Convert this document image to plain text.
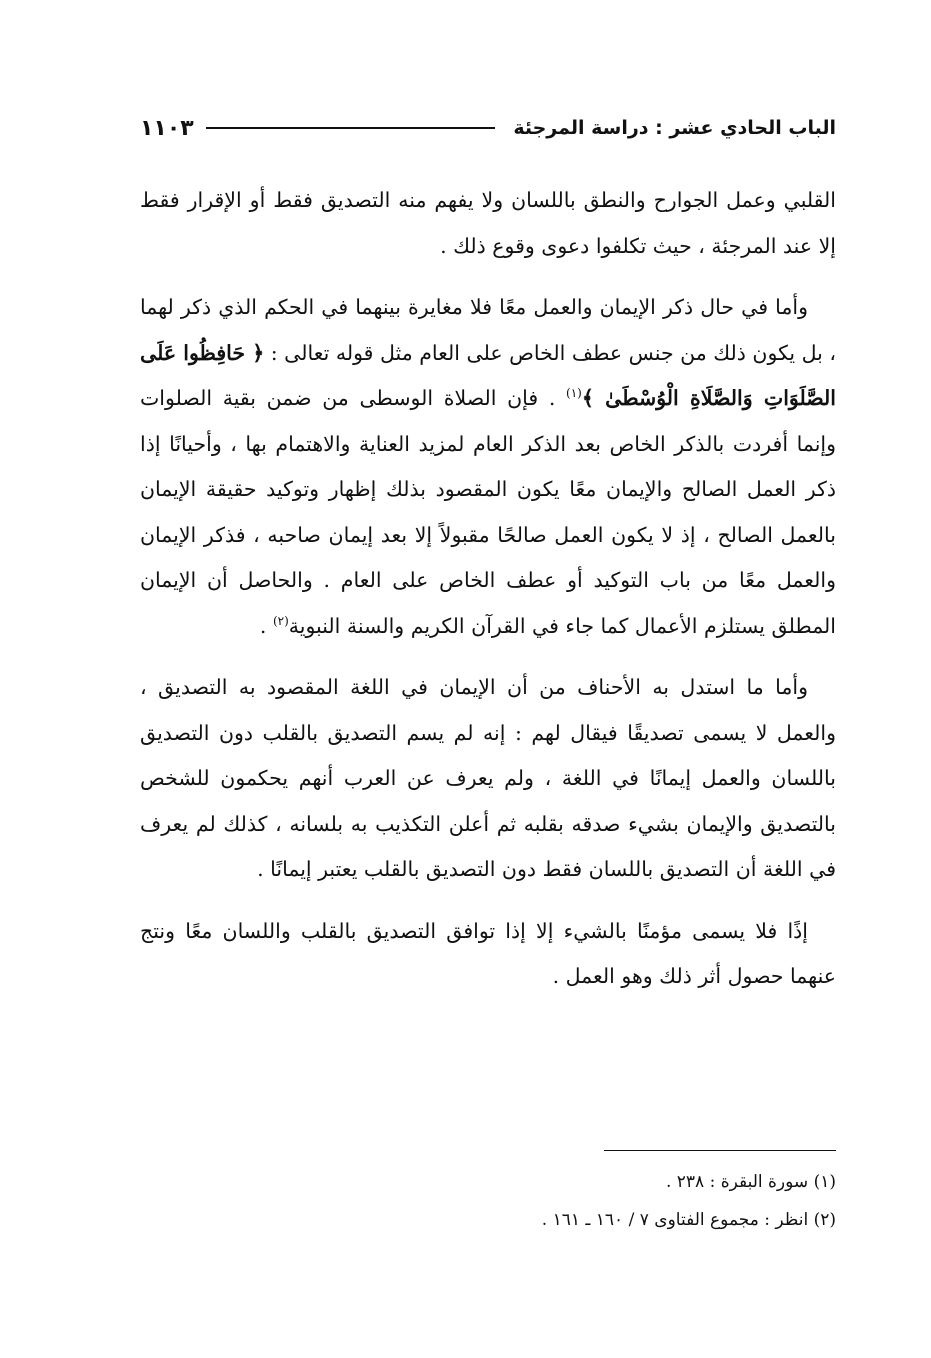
الباب الحادي عشر : دراسة المرجئة
١١٠٣

القلبي وعمل الجوارح والنطق باللسان ولا يفهم منه التصديق فقط أو الإقرار فقط إلا عند المرجئة ، حيث تكلفوا دعوى وقوع ذلك .

وأما في حال ذكر الإيمان والعمل معًا فلا مغايرة بينهما في الحكم الذي ذكر لهما ، بل يكون ذلك من جنس عطف الخاص على العام مثل قوله تعالى : ﴿ حَافِظُوا عَلَى الصَّلَوَاتِ وَالصَّلَاةِ الْوُسْطَىٰ ﴾$^{(١)}$ . فإن الصلاة الوسطى من ضمن بقية الصلوات وإنما أفردت بالذكر الخاص بعد الذكر العام لمزيد العناية والاهتمام بها ، وأحيانًا إذا ذكر العمل الصالح والإيمان معًا يكون المقصود بذلك إظهار وتوكيد حقيقة الإيمان بالعمل الصالح ، إذ لا يكون العمل صالحًا مقبولاً إلا بعد إيمان صاحبه ، فذكر الإيمان والعمل معًا من باب التوكيد أو عطف الخاص على العام . والحاصل أن الإيمان المطلق يستلزم الأعمال كما جاء في القرآن الكريم والسنة النبوية$^{(٢)}$ .

وأما ما استدل به الأحناف من أن الإيمان في اللغة المقصود به التصديق ، والعمل لا يسمى تصديقًا فيقال لهم : إنه لم يسم التصديق بالقلب دون التصديق باللسان والعمل إيمانًا في اللغة ، ولم يعرف عن العرب أنهم يحكمون للشخص بالتصديق والإيمان بشيء صدقه بقلبه ثم أعلن التكذيب به بلسانه ، كذلك لم يعرف في اللغة أن التصديق باللسان فقط دون التصديق بالقلب يعتبر إيمانًا .

إذًا فلا يسمى مؤمنًا بالشيء إلا إذا توافق التصديق بالقلب واللسان معًا ونتج عنهما حصول أثر ذلك وهو العمل .

(١) سورة البقرة : ٢٣٨ .

(٢) انظر : مجموع الفتاوى ٧ / ١٦٠ ـ ١٦١ .
